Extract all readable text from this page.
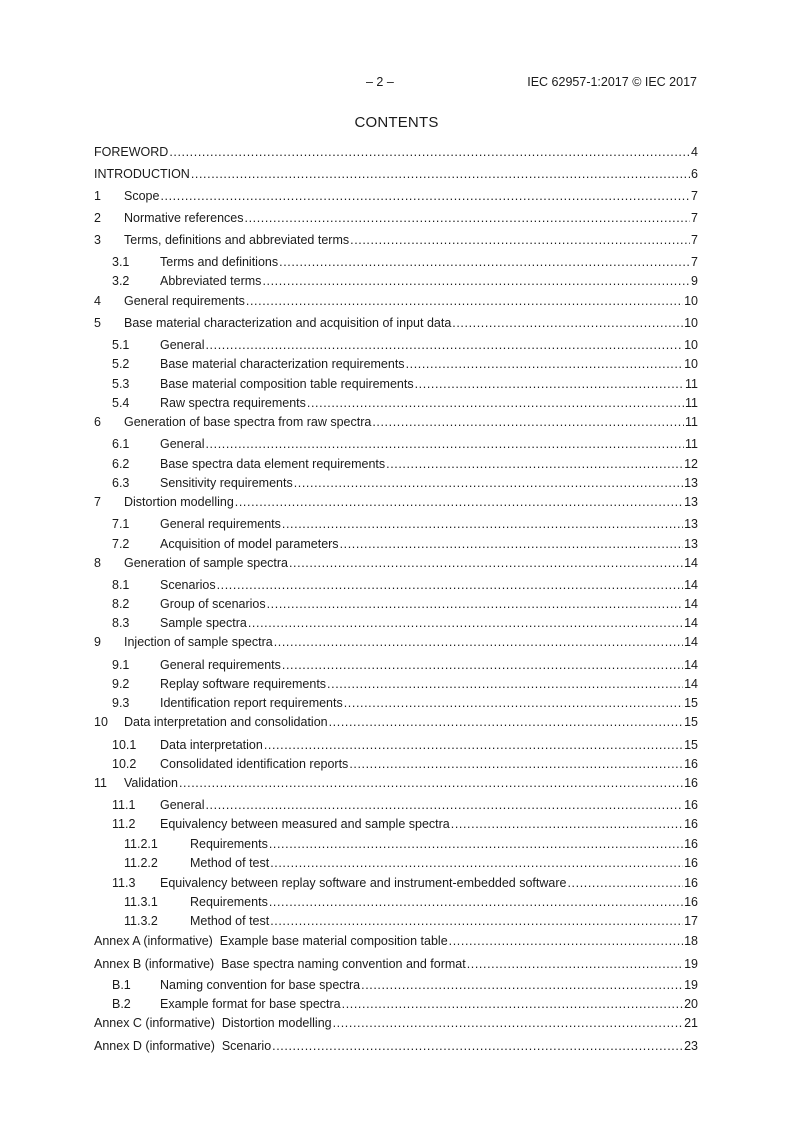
– 2 –	IEC 62957-1:2017 © IEC 2017
CONTENTS
FOREWORD .....	4
INTRODUCTION .....	6
1	Scope .....	7
2	Normative references .....	7
3	Terms, definitions and abbreviated terms .....	7
3.1	Terms and definitions .....	7
3.2	Abbreviated terms .....	9
4	General requirements .....	10
5	Base material characterization and acquisition of input data .....	10
5.1	General .....	10
5.2	Base material characterization requirements .....	10
5.3	Base material composition table requirements .....	11
5.4	Raw spectra requirements .....	11
6	Generation of base spectra from raw spectra .....	11
6.1	General .....	11
6.2	Base spectra data element requirements .....	12
6.3	Sensitivity requirements .....	13
7	Distortion modelling .....	13
7.1	General requirements .....	13
7.2	Acquisition of model parameters .....	13
8	Generation of sample spectra .....	14
8.1	Scenarios .....	14
8.2	Group of scenarios .....	14
8.3	Sample spectra .....	14
9	Injection of sample spectra .....	14
9.1	General requirements .....	14
9.2	Replay software requirements .....	14
9.3	Identification report requirements .....	15
10	Data interpretation and consolidation .....	15
10.1	Data interpretation .....	15
10.2	Consolidated identification reports .....	16
11	Validation .....	16
11.1	General .....	16
11.2	Equivalency between measured and sample spectra .....	16
11.2.1	Requirements .....	16
11.2.2	Method of test .....	16
11.3	Equivalency between replay software and instrument-embedded software .....	16
11.3.1	Requirements .....	16
11.3.2	Method of test .....	17
Annex A (informative)  Example base material composition table .....	18
Annex B (informative)  Base spectra naming convention and format .....	19
B.1	Naming convention for base spectra .....	19
B.2	Example format for base spectra .....	20
Annex C (informative)  Distortion modelling .....	21
Annex D (informative)  Scenario .....	23
